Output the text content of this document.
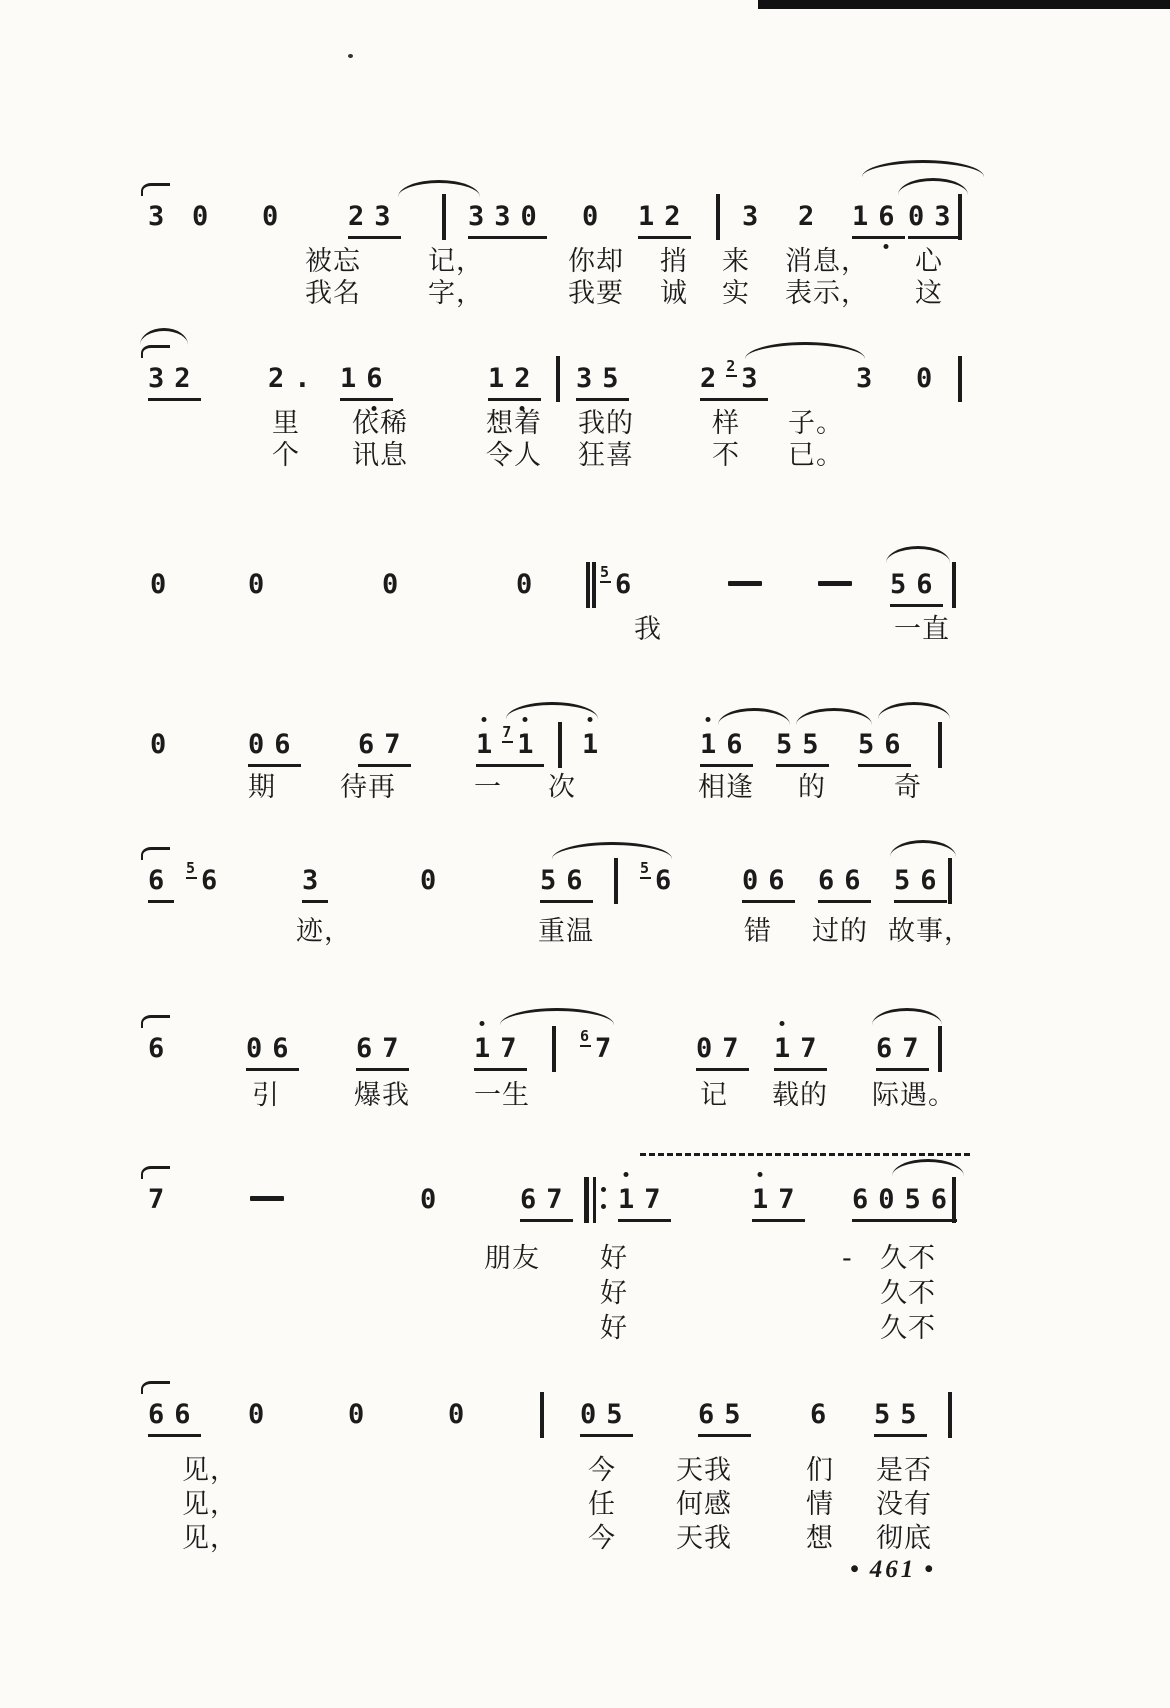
3	0	0	2 3	3 3 0	0	1 2	3	2	1 6 0 3
被忘 记，	你却 捎 来 消息， 心
我名 字，	我要 诚 实 表示， 这
3 2	2 .	1 6	1 2	3 5	2 2 3	3	0
里 依稀	想着 我的	样 子。
个 讯息	令人 狂喜	不 已。
0	0	0	0	5 6	5 6
我	一直
0	0 6	6 7	1 7 1	1	1 6	5 5	5 6
期 待再	一 次	相逢 的	奇
6	5 6	3	0	5 6	5 6	0 6	6 6	5 6
迹，	重温	错 过的 故事，
6	0 6	6 7	1 7	6 7	0 7	1 7	6 7
引	爆我 一生	记 载的 际遇。
7	0	6 7	1 7	1 7	6 0 5 6
朋友 好	- 久不
好	久不
好	久不
6 6	0	0	0	0 5	6 5	6	5 5
见，	今 天我	们 是否
见，	任 何感	情 没有
见，	今 天我	想 彻底
• 461 •
